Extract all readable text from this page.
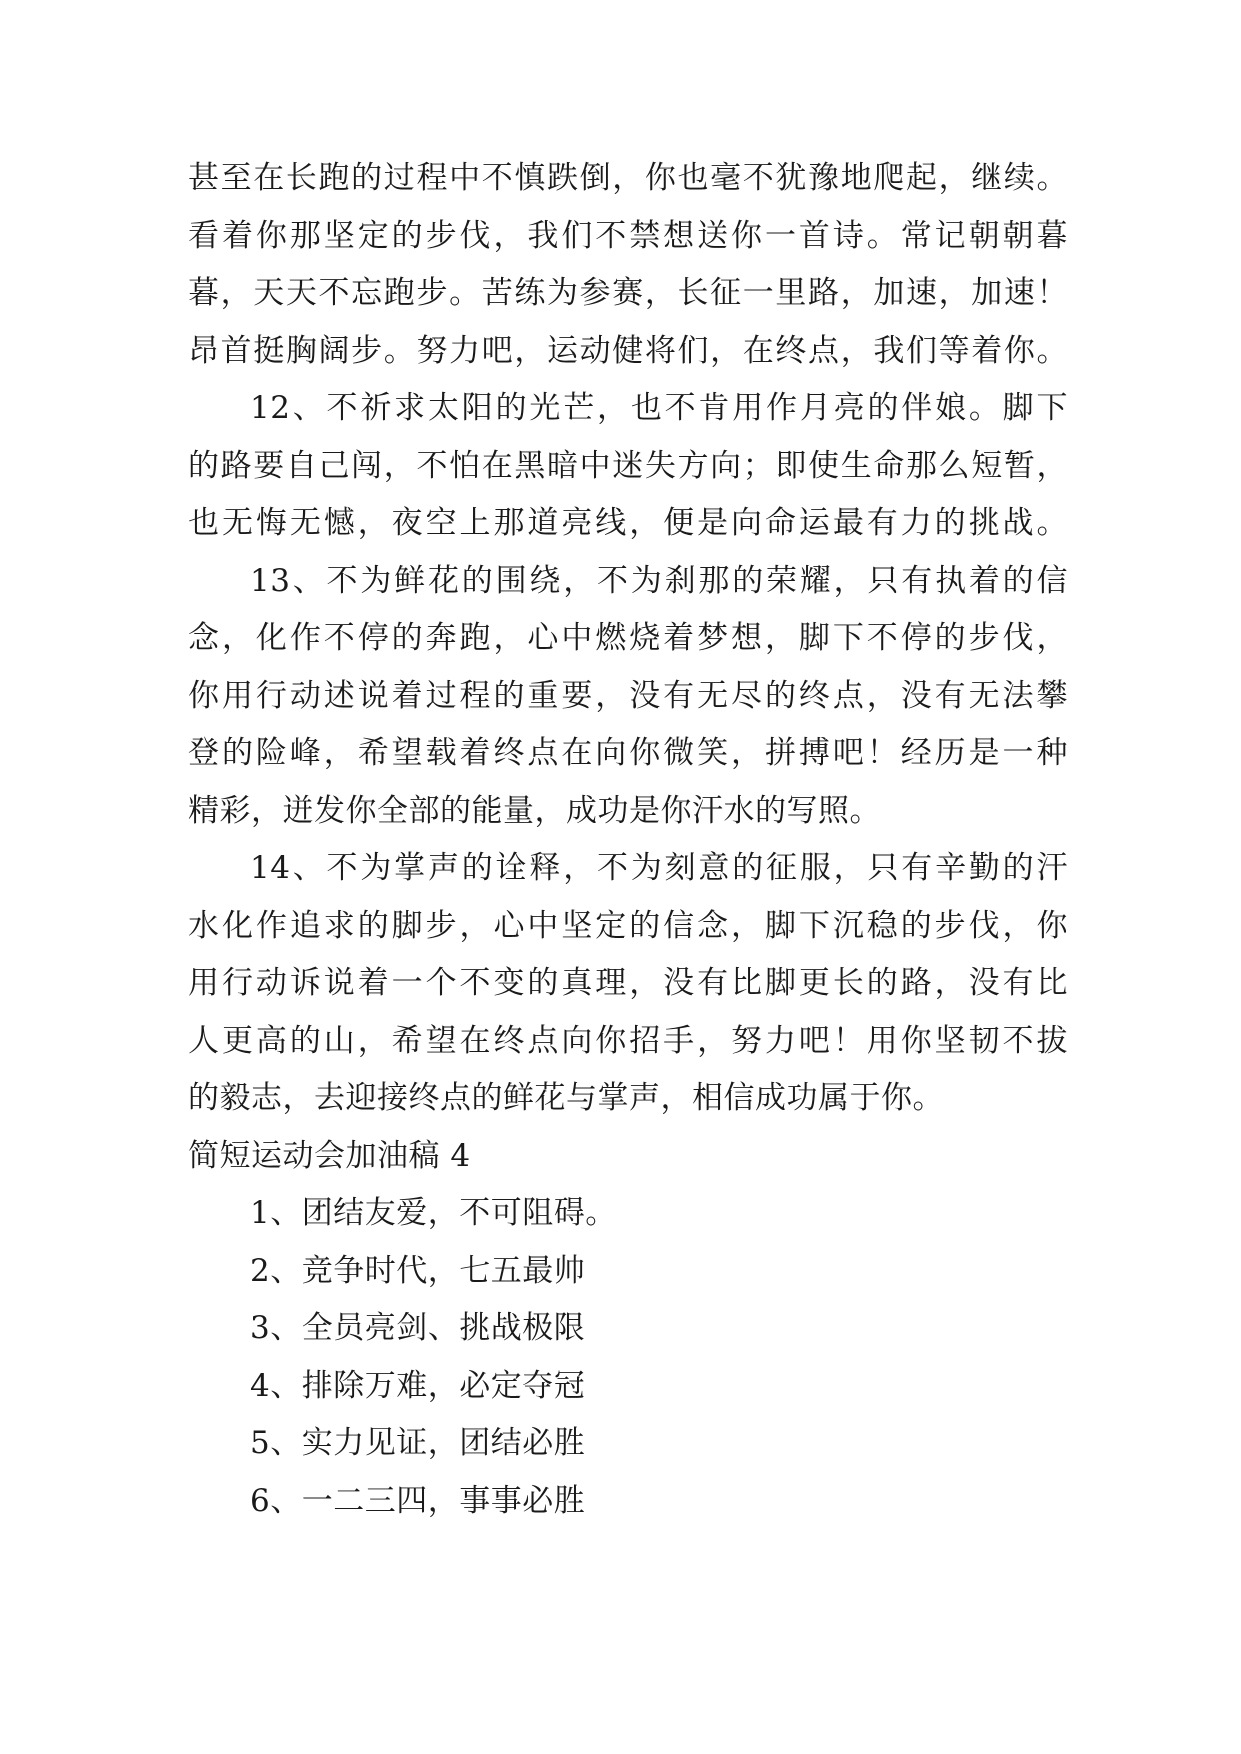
甚至在长跑的过程中不慎跌倒，你也毫不犹豫地爬起，继续。
看着你那坚定的步伐，我们不禁想送你一首诗。常记朝朝暮
暮，天天不忘跑步。苦练为参赛，长征一里路，加速，加速！
昂首挺胸阔步。努力吧，运动健将们，在终点，我们等着你。
12、不祈求太阳的光芒，也不肯用作月亮的伴娘。脚下
的路要自己闯，不怕在黑暗中迷失方向；即使生命那么短暂，
也无悔无憾，夜空上那道亮线，便是向命运最有力的挑战。
13、不为鲜花的围绕，不为刹那的荣耀，只有执着的信
念，化作不停的奔跑，心中燃烧着梦想，脚下不停的步伐，
你用行动述说着过程的重要，没有无尽的终点，没有无法攀
登的险峰，希望载着终点在向你微笑，拼搏吧！经历是一种
精彩，迸发你全部的能量，成功是你汗水的写照。
14、不为掌声的诠释，不为刻意的征服，只有辛勤的汗
水化作追求的脚步，心中坚定的信念，脚下沉稳的步伐，你
用行动诉说着一个不变的真理，没有比脚更长的路，没有比
人更高的山，希望在终点向你招手，努力吧！用你坚韧不拔
的毅志，去迎接终点的鲜花与掌声，相信成功属于你。
简短运动会加油稿 4
1、团结友爱，不可阻碍。
2、竞争时代，七五最帅
3、全员亮剑、挑战极限
4、排除万难，必定夺冠
5、实力见证，团结必胜
6、一二三四，事事必胜
